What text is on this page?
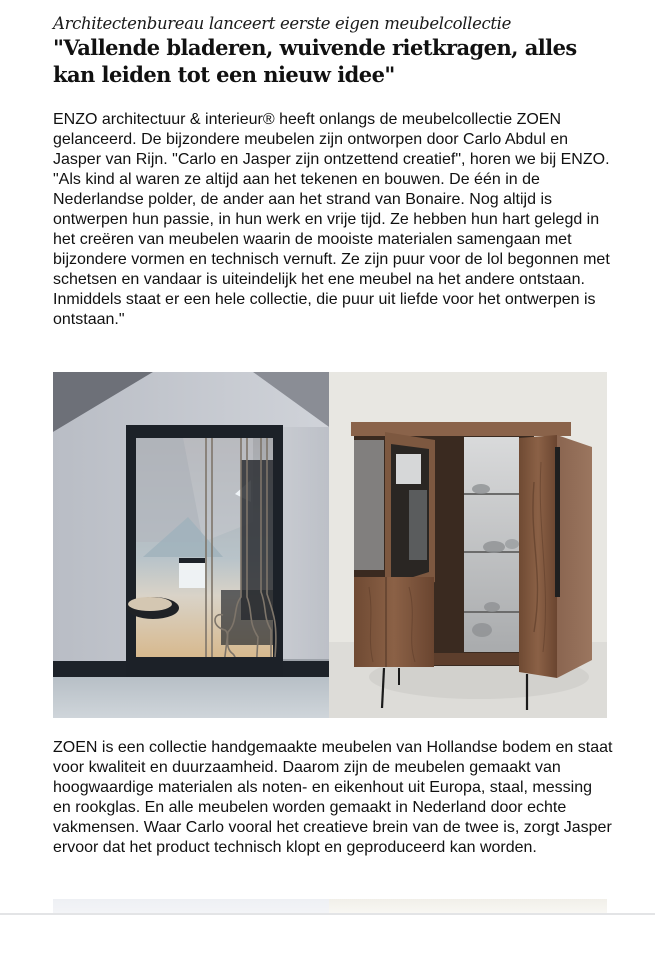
Architectenbureau lanceert eerste eigen meubelcollectie

"Vallende bladeren, wuivende rietkragen, alles kan leiden tot een nieuw idee"

ENZO architectuur & interieur® heeft onlangs de meubelcollectie ZOEN gelanceerd. De bijzondere meubelen zijn ontworpen door Carlo Abdul en Jasper van Rijn. "Carlo en Jasper zijn ontzettend creatief", horen we bij ENZO. "Als kind al waren ze altijd aan het tekenen en bouwen. De één in de Nederlandse polder, de ander aan het strand van Bonaire. Nog altijd is ontwerpen hun passie, in hun werk en vrije tijd. Ze hebben hun hart gelegd in het creëren van meubelen waarin de mooiste materialen samengaan met bijzondere vormen en technisch vernuft. Ze zijn puur voor de lol begonnen met schetsen en vandaar is uiteindelijk het ene meubel na het andere ontstaan. Inmiddels staat er een hele collectie, die puur uit liefde voor het ontwerpen is ontstaan."

ZOEN is een collectie handgemaakte meubelen van Hollandse bodem en staat voor kwaliteit en duurzaamheid. Daarom zijn de meubelen gemaakt van hoogwaardige materialen als noten- en eikenhout uit Europa, staal, messing en rookglas. En alle meubelen worden gemaakt in Nederland door echte vakmensen. Waar Carlo vooral het creatieve brein van de twee is, zorgt Jasper ervoor dat het product technisch klopt en geproduceerd kan worden.
